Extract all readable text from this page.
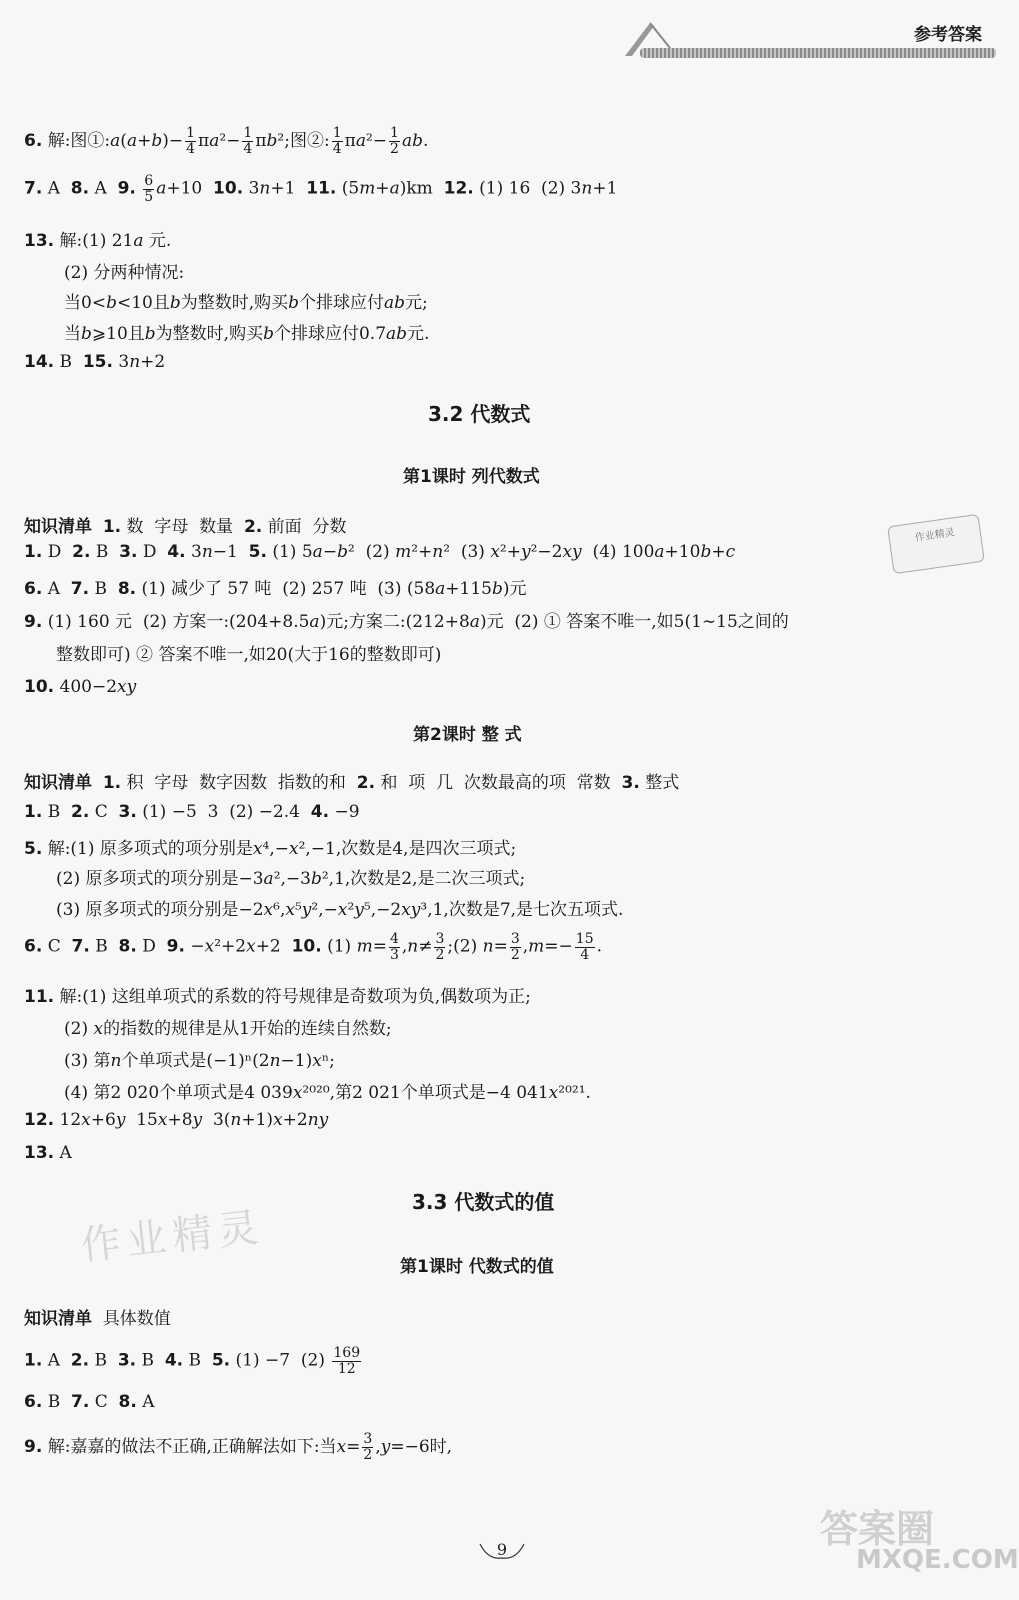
参考答案
6. 解:图①:a(a+b)− $\frac{1}{4} \pi a^2- \frac{1}{4} \pi b^2$;图②: $\frac{1}{4} \pi a^2- \frac{1}{2}$ ab.
7. A  8. A  9. $\frac{6}{5} a+10$  10. 3n+1  11. (5m+a)km  12. (1) 16  (2) 3n+1
13. 解:(1) 21a 元.
(2) 分两种情况:
当0<b<10且b为整数时,购买b个排球应付ab元;
当b⩾10且b为整数时,购买b个排球应付0.7ab元.
14. B  15. 3n+2
3.2 代数式
第1课时 列代数式
知识清单 1. 数  字母  数量  2. 前面  分数
1. D  2. B  3. D  4. 3n−1  5. (1) 5a−b²  (2) m²+n²  (3) x²+y²−2xy  (4) 100a+10b+c
6. A  7. B  8. (1) 减少了 57 吨  (2) 257 吨  (3) (58a+115b)元
9. (1) 160 元  (2) 方案一:(204+8.5a)元;方案二:(212+8a)元  (2) ① 答案不唯一,如5(1∼15之间的
整数即可) ② 答案不唯一,如20(大于16的整数即可)
10. 400−2xy
第2课时 整 式
知识清单 1. 积  字母  数字因数  指数的和  2. 和  项  几  次数最高的项  常数  3. 整式
1. B  2. C  3. (1) −5  3  (2) −2.4  4. −9
5. 解:(1) 原多项式的项分别是x⁴,−x²,−1,次数是4,是四次三项式;
(2) 原多项式的项分别是−3a²,−3b²,1,次数是2,是二次三项式;
(3) 原多项式的项分别是−2x⁶,x⁵y²,−x²y⁵,−2xy³,1,次数是7,是七次五项式.
6. C  7. B  8. D  9. −x²+2x+2  10. (1) $m= \frac{4}{3} ,n\ne \frac{3}{2}$ ;(2) $n= \frac{3}{2} ,m=- \frac{15}{4}$ .
11. 解:(1) 这组单项式的系数的符号规律是奇数项为负,偶数项为正;
(2) x的指数的规律是从1开始的连续自然数;
(3) 第n个单项式是(−1)ⁿ(2n−1)xⁿ;
(4) 第2 020个单项式是4 039x²⁰²⁰,第2 021个单项式是−4 041x²⁰²¹.
12. 12x+6y  15x+8y  3(n+1)x+2ny
13. A
3.3 代数式的值
作业精灵	第1课时 代数式的值
知识清单  具体数值
1. A  2. B  3. B  4. B  5. (1) −7  $(2) \frac{169}{12}$
6. B  7. C  8. A
9. 解:嘉嘉的做法不正确,正确解法如下:当$x= \frac{3}{2} ,y=-6$时,
作业精灵
9	答案圈
MXQE.COM
